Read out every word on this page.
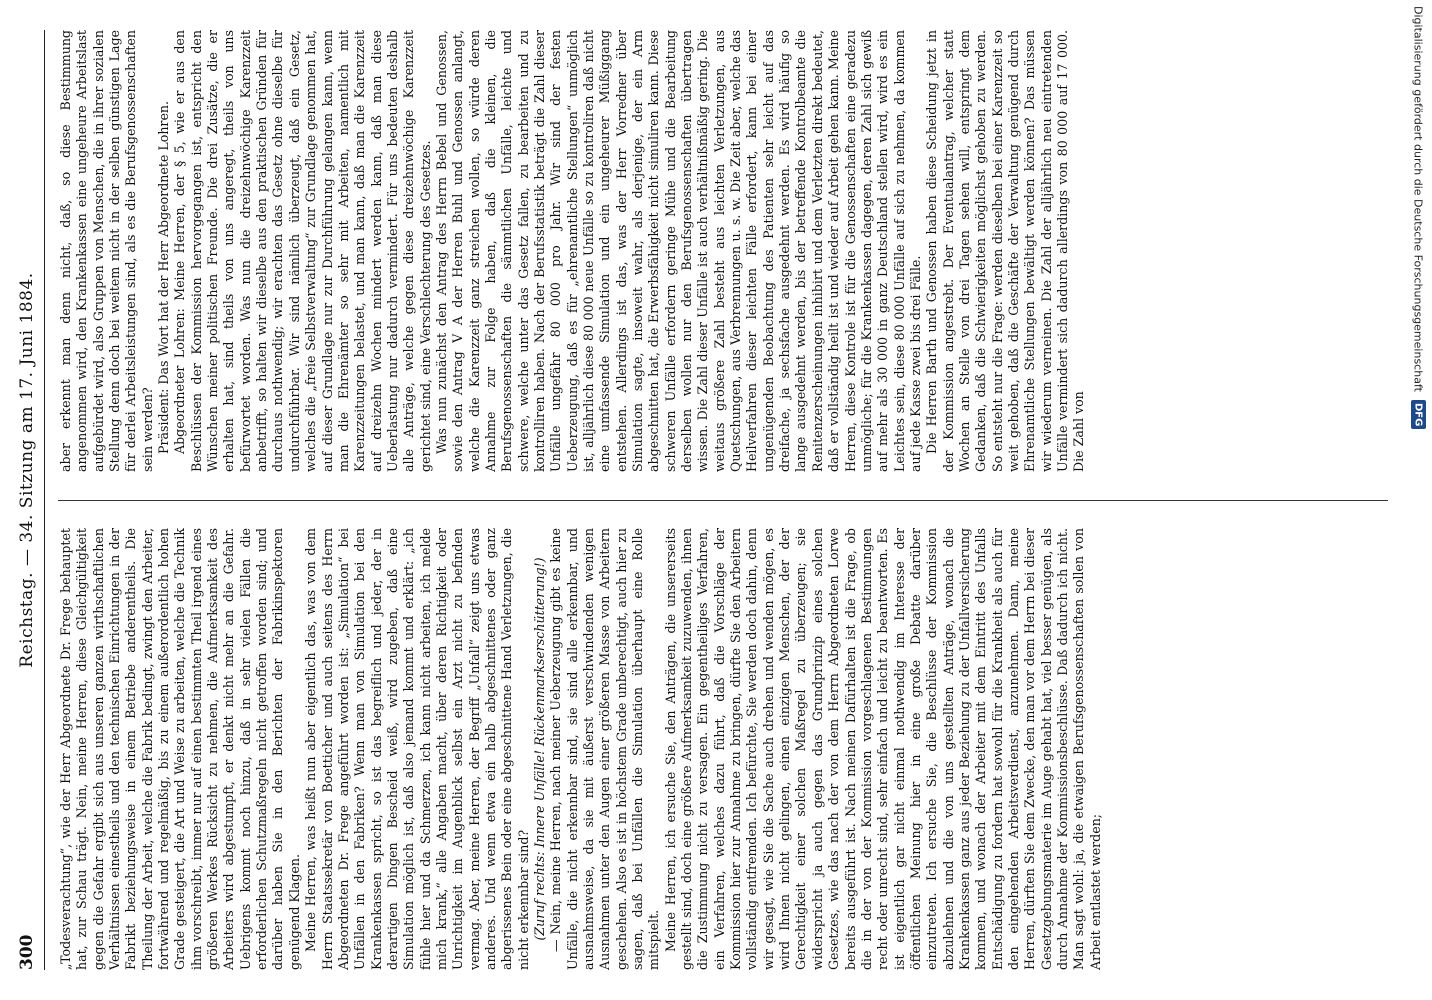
300
Reichstag. — 34. Sitzung am 17. Juni 1884.

„Todesverachtung“, wie der Herr Abgeordnete Dr. Frege behauptet hat, zur Schau trägt. Nein, meine Herren, diese Gleichgültigkeit gegen die Gefahr ergibt sich aus unseren ganzen wirthschaftlichen Verhältnissen einestheils und den technischen Einrichtungen in der Fabrikt beziehungsweise in einem Betriebe anderentheils. Die Theilung der Arbeit, welche die Fabrik bedingt, zwingt den Arbeiter, fortwährend und regelmäßig, bis zu einem außerordentlich hohen Grade gesteigert, die Art und Weise zu arbeiten, welche die Technik ihm vorschreibt, immer nur auf einen bestimmten Theil irgend eines größeren Werkes Rücksicht zu nehmen, die Aufmerksamkeit des Arbeiters wird abgestumpft, er denkt nicht mehr an die Gefahr. Uebrigens kommt noch hinzu, daß in sehr vielen Fällen die erforderlichen Schutzmaßregeln nicht getroffen worden sind; und darüber haben Sie in den Berichten der Fabrikinspektoren genügend Klagen. Meine Herren, was heißt nun aber eigentlich das, was von dem Herrn Staatssekretär von Boetticher und auch seitens des Herrn Abgeordneten Dr. Frege angeführt worden ist: „Simulation“ bei Unfällen in den Fabriken? Wenn man von Simulation bei den Krankenkassen spricht, so ist das begreiflich und jeder, der in derartigen Dingen Bescheid weiß, wird zugeben, daß eine Simulation möglich ist, daß also jemand kommt und erklärt: „ich fühle hier und da Schmerzen, ich kann nicht arbeiten, ich melde mich krank,“ alle Angaben macht, über deren Richtigkeit oder Unrichtigkeit im Augenblick selbst ein Arzt nicht zu befinden vermag. Aber, meine Herren, der Begriff „Unfall“ zeigt uns etwas anderes. Und wenn etwa ein halb abgeschnittenes oder ganz abgerissenes Bein oder eine abgeschnittene Hand Verletzungen, die nicht erkennbar sind? (Zuruf rechts: Innere Unfälle! Rückenmarkserschütterung!) — Nein, meine Herren, nach meiner Ueberzeugung gibt es keine Unfälle, die nicht erkennbar sind, sie sind alle erkennbar, und ausnahmsweise, da sie mit äußerst verschwindenden wenigen Ausnahmen unter den Augen einer größeren Masse von Arbeitern geschehen. Also es ist in höchstem Grade unberechtigt, auch hier zu sagen, daß bei Unfällen die Simulation überhaupt eine Rolle mitspielt. Meine Herren, ich ersuche Sie, den Anträgen, die unsererseits gestellt sind, doch eine größere Aufmerksamkeit zuzuwenden, ihnen die Zustimmung nicht zu versagen. Ein gegentheiliges Verfahren, ein Verfahren, welches dazu führt, daß die Vorschläge der Kommission hier zur Annahme zu bringen, dürfte Sie den Arbeitern vollständig entfremden. Ich befürchte, Sie werden doch dahin, denn wir gesagt, wie Sie die Sache auch drehen und wenden mögen, es wird Ihnen nicht gelingen, einen einzigen Menschen, der der Gerechtigkeit einer solchen Maßregel zu überzeugen; sie widerspricht ja auch gegen das Grundprinzip eines solchen Gesetzes, wie das nach der von dem Herrn Abgeordneten Lorwe bereits ausgeführt ist. Nach meinen Dafürhalten ist die Frage, ob die in der von der Kommission vorgeschlagenen Bestimmungen recht oder unrecht sind, sehr einfach und leicht zu beantworten. Es ist eigentlich gar nicht einmal nothwendig im Interesse der öffentlichen Meinung hier in eine große Debatte darüber einzutreten. Ich ersuche Sie, die Beschlüsse der Kommission abzulehnen und die von uns gestellten Anträge, wonach die Krankenkassen ganz aus jeder Beziehung zu der Unfallversicherung kommen, und wonach der Arbeiter mit dem Eintritt des Unfalls Entschädigung zu fordern hat sowohl für die Krankheit als auch für den eingehenden Arbeitsverdienst, anzunehmen. Dann, meine Herren, dürften Sie dem Zwecke, den man vor dem Herrn bei dieser Gesetzgebungsmaterie im Auge gehabt hat, viel besser genügen, als durch Annahme der Kommissionsbeschlüsse. Daß dadurch ich nicht. Man sagt wohl: ja, die etwaigen Berufsgenossenschaften sollen von Arbeit entlastet werden;

aber erkennt man denn nicht, daß, so diese Bestimmung angenommen wird, den Krankenkassen eine ungeheure Arbeitslast aufgebürdet wird, also Gruppen von Menschen, die in ihrer sozialen Stellung denn doch bei weitem nicht in der selben günstigen Lage für derlei Arbeitsleistungen sind, als es die Berufsgenossenschaften sein werden? Präsident: Das Wort hat der Herr Abgeordnete Lohren. Abgeordneter Lohren: Meine Herren, der § 5, wie er aus den Beschlüssen der Kommission hervorgegangen ist, entspricht den Wünschen meiner politischen Freunde. Die drei Zusätze, die er erhalten hat, sind theils von uns angeregt, theils von uns befürwortet worden. Was nun die dreizehnwöchige Karenzzeit anbetrifft, so halten wir dieselbe aus den praktischen Gründen für durchaus nothwendig; wir erachten das Gesetz ohne dieselbe für undurchführbar. Wir sind nämlich überzeugt, daß ein Gesetz, welches die „freie Selbstverwaltung“ zur Grundlage genommen hat, auf dieser Grundlage nur zur Durchführung gelangen kann, wenn man die Ehrenämter so sehr mit Arbeiten, namentlich mit Karenzzeitungen belastet, und man kann, daß man die Karenzzeit auf dreizehn Wochen mindert werden kann, daß man diese Ueberlastung nur dadurch vermindert. Für uns bedeuten deshalb alle Anträge, welche gegen diese dreizehnwöchige Karenzzeit gerichtet sind, eine Verschlechterung des Gesetzes. Was nun zunächst den Antrag des Herrn Bebel und Genossen, sowie den Antrag V A der Herren Buhl und Genossen anlangt, welche die Karenzzeit ganz streichen wollen, so würde deren Annahme zur Folge haben, daß die kleinen, die Berufsgenossenschaften die sämmtlichen Unfälle, leichte und schwere, welche unter das Gesetz fallen, zu bearbeiten und zu kontrolliren haben. Nach der Berufsstatistik beträgt die Zahl dieser Unfälle ungefähr 80 000 pro Jahr. Wir sind der festen Ueberzeugung, daß es für „ehrenamtliche Stellungen“ unmöglich ist, alljährlich diese 80 000 neue Unfälle so zu kontroliren daß nicht eine umfassende Simulation und ein ungeheurer Müßiggang entstehen. Allerdings ist das, was der Herr Vorredner über Simulation sagte, insoweit wahr, als derjenige, der ein Arm abgeschnitten hat, die Erwerbsfähigkeit nicht simuliren kann. Diese schweren Unfälle erfordern geringe Mühe und die Bearbeitung derselben wollen nur den Berufsgenossenschaften übertragen wissen. Die Zahl dieser Unfälle ist auch verhältnißmäßig gering. Die weitaus größere Zahl besteht aus leichten Verletzungen, aus Quetschungen, aus Verbrennungen u. s. w. Die Zeit aber, welche das Heilverfahren dieser leichten Fälle erfordert, kann bei einer ungenügenden Beobachtung des Patienten sehr leicht auf das dreifache, ja sechsfache ausgedehnt werden. Es wird häufig so lange ausgedehnt werden, bis der betreffende Kontrolbeamte die Renitenzerscheinungen inhibirt und dem Verletzten direkt bedeutet, daß er vollständig heilt ist und wieder auf Arbeit gehen kann. Meine Herren, diese Kontrole ist für die Genossenschaften eine geradezu unmögliche; für die Krankenkassen dagegen, deren Zahl sich gewiß auf mehr als 30 000 in ganz Deutschland stellen wird, wird es ein Leichtes sein, diese 80 000 Unfälle auf sich zu nehmen, da kommen auf jede Kasse zwei bis drei Fälle. Die Herren Barth und Genossen haben diese Scheidung jetzt in der Kommission angestrebt. Der Eventualantrag, welcher statt Wochen an Stelle von drei Tagen sehen will, entspringt dem Gedanken, daß die Schwierigkeiten möglichst gehoben zu werden. So entsteht nur die Frage: werden dieselben bei einer Karenzzeit so weit gehoben, daß die Geschäfte der Verwaltung genügend durch Ehrenamtliche Stellungen bewältigt werden können? Das müssen wir wiederum verneinen. Die Zahl der alljährlich neu eintretenden Unfälle vermindert sich dadurch allerdings von 80 000 auf 17 000. Die Zahl von

Digitalisierung gefördert durch die Deutsche Forschungsgemeinschaft
DFG
